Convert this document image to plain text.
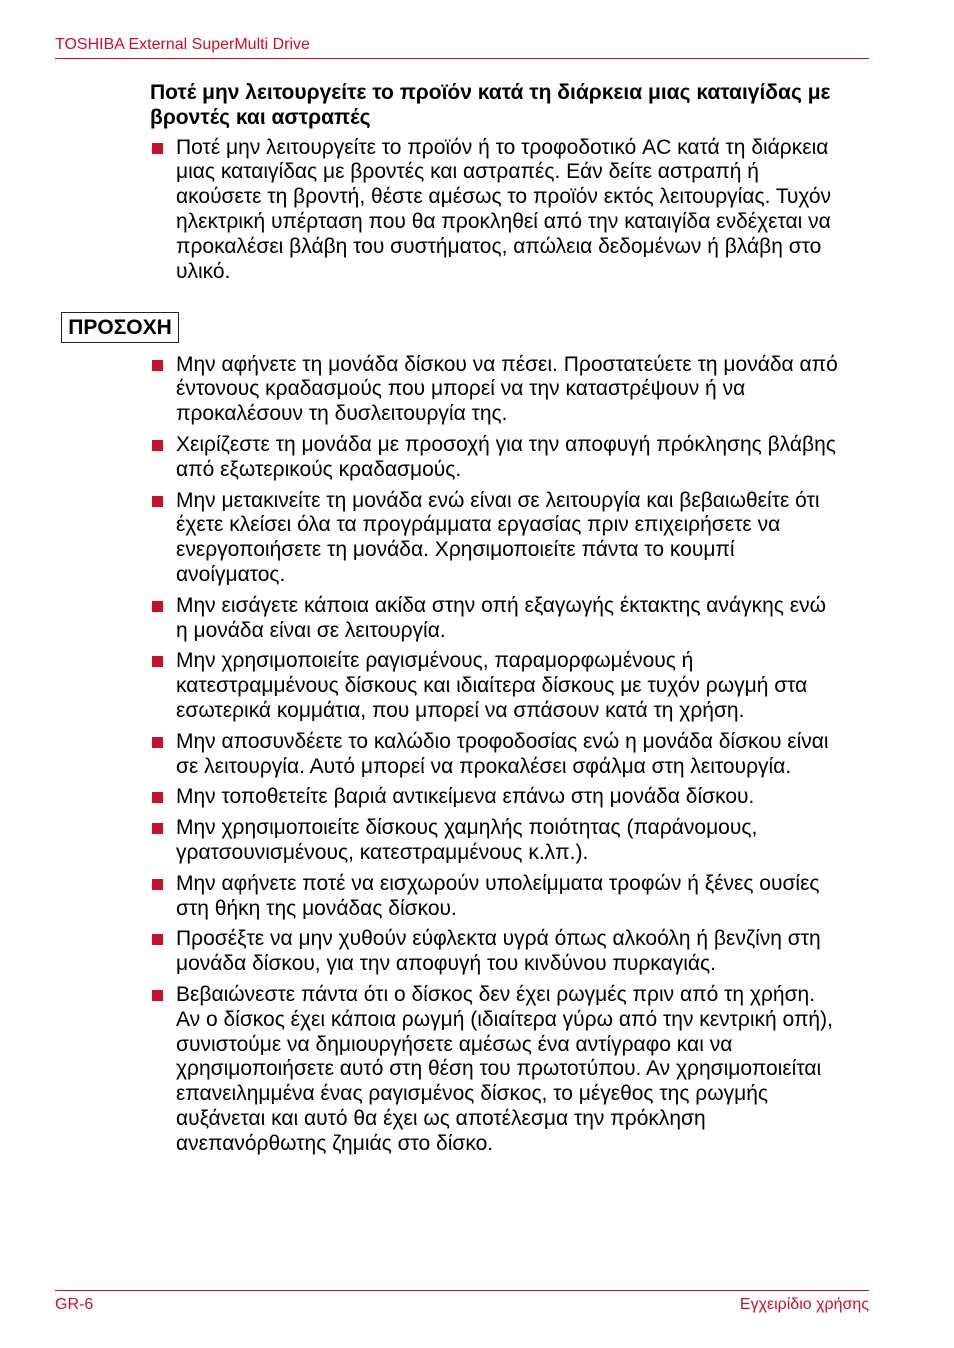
TOSHIBA External SuperMulti Drive
Ποτέ μην λειτουργείτε το προϊόν κατά τη διάρκεια μιας καταιγίδας με
βροντές και αστραπές
Ποτέ μην λειτουργείτε το προϊόν ή το τροφοδοτικό AC κατά τη διάρκεια
μιας καταιγίδας με βροντές και αστραπές. Εάν δείτε αστραπή ή
ακούσετε τη βροντή, θέστε αμέσως το προϊόν εκτός λειτουργίας. Τυχόν
ηλεκτρική υπέρταση που θα προκληθεί από την καταιγίδα ενδέχεται να
προκαλέσει βλάβη του συστήματος, απώλεια δεδομένων ή βλάβη στο
υλικό.
ΠΡΟΣΟΧΗ
Μην αφήνετε τη μονάδα δίσκου να πέσει. Προστατεύετε τη μονάδα από
έντονους κραδασμούς που μπορεί να την καταστρέψουν ή να
προκαλέσουν τη δυσλειτουργία της.
Χειρίζεστε τη μονάδα με προσοχή για την αποφυγή πρόκλησης βλάβης
από εξωτερικούς κραδασμούς.
Μην μετακινείτε τη μονάδα ενώ είναι σε λειτουργία και βεβαιωθείτε ότι
έχετε κλείσει όλα τα προγράμματα εργασίας πριν επιχειρήσετε να
ενεργοποιήσετε τη μονάδα. Χρησιμοποιείτε πάντα το κουμπί
ανοίγματος.
Μην εισάγετε κάποια ακίδα στην οπή εξαγωγής έκτακτης ανάγκης ενώ
η μονάδα είναι σε λειτουργία.
Μην χρησιμοποιείτε ραγισμένους, παραμορφωμένους ή
κατεστραμμένους δίσκους και ιδιαίτερα δίσκους με τυχόν ρωγμή στα
εσωτερικά κομμάτια, που μπορεί να σπάσουν κατά τη χρήση.
Μην αποσυνδέετε το καλώδιο τροφοδοσίας ενώ η μονάδα δίσκου είναι
σε λειτουργία. Αυτό μπορεί να προκαλέσει σφάλμα στη λειτουργία.
Μην τοποθετείτε βαριά αντικείμενα επάνω στη μονάδα δίσκου.
Μην χρησιμοποιείτε δίσκους χαμηλής ποιότητας (παράνομους,
γρατσουνισμένους, κατεστραμμένους κ.λπ.).
Μην αφήνετε ποτέ να εισχωρούν υπολείμματα τροφών ή ξένες ουσίες
στη θήκη της μονάδας δίσκου.
Προσέξτε να μην χυθούν εύφλεκτα υγρά όπως αλκοόλη ή βενζίνη στη
μονάδα δίσκου, για την αποφυγή του κινδύνου πυρκαγιάς.
Βεβαιώνεστε πάντα ότι ο δίσκος δεν έχει ρωγμές πριν από τη χρήση.
Αν ο δίσκος έχει κάποια ρωγμή (ιδιαίτερα γύρω από την κεντρική οπή),
συνιστούμε να δημιουργήσετε αμέσως ένα αντίγραφο και να
χρησιμοποιήσετε αυτό στη θέση του πρωτοτύπου. Αν χρησιμοποιείται
επανειλημμένα ένας ραγισμένος δίσκος, το μέγεθος της ρωγμής
αυξάνεται και αυτό θα έχει ως αποτέλεσμα την πρόκληση
ανεπανόρθωτης ζημιάς στο δίσκο.
GR-6	Εγχειρίδιο χρήσης
